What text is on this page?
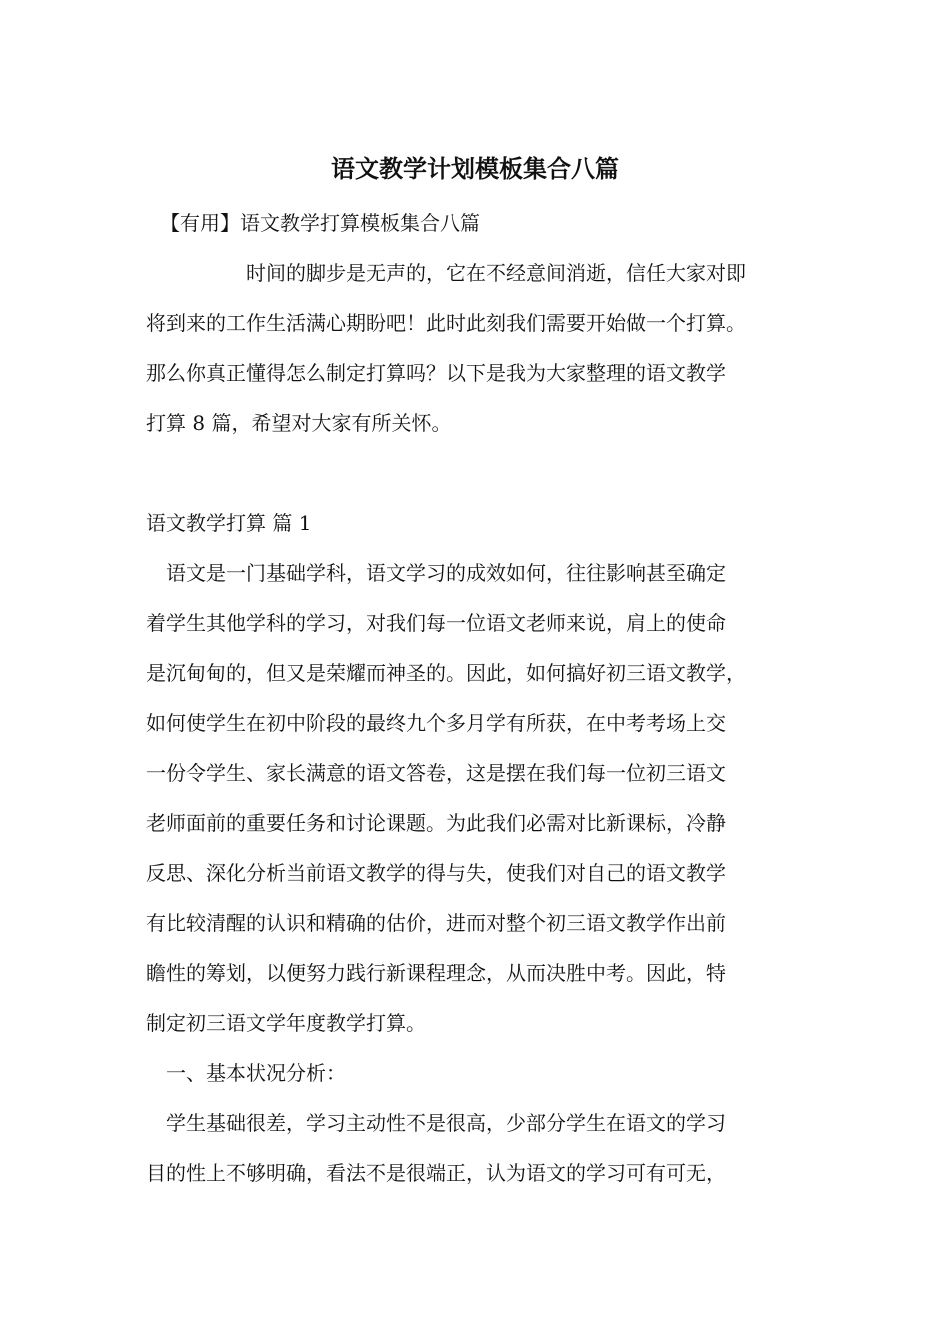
语文教学计划模板集合八篇

【有用】语文教学打算模板集合八篇

时间的脚步是无声的，它在不经意间消逝，信任大家对即

将到来的工作生活满心期盼吧！此时此刻我们需要开始做一个打算。

那么你真正懂得怎么制定打算吗？以下是我为大家整理的语文教学

打算 8 篇，希望对大家有所关怀。

语文教学打算 篇 1

语文是一门基础学科，语文学习的成效如何，往往影响甚至确定

着学生其他学科的学习，对我们每一位语文老师来说，肩上的使命

是沉甸甸的，但又是荣耀而神圣的。因此，如何搞好初三语文教学，

如何使学生在初中阶段的最终九个多月学有所获，在中考考场上交

一份令学生、家长满意的语文答卷，这是摆在我们每一位初三语文

老师面前的重要任务和讨论课题。为此我们必需对比新课标，冷静

反思、深化分析当前语文教学的得与失，使我们对自己的语文教学

有比较清醒的认识和精确的估价，进而对整个初三语文教学作出前

瞻性的筹划，以便努力践行新课程理念，从而决胜中考。因此，特

制定初三语文学年度教学打算。

一、基本状况分析：

学生基础很差，学习主动性不是很高，少部分学生在语文的学习

目的性上不够明确，看法不是很端正，认为语文的学习可有可无，
